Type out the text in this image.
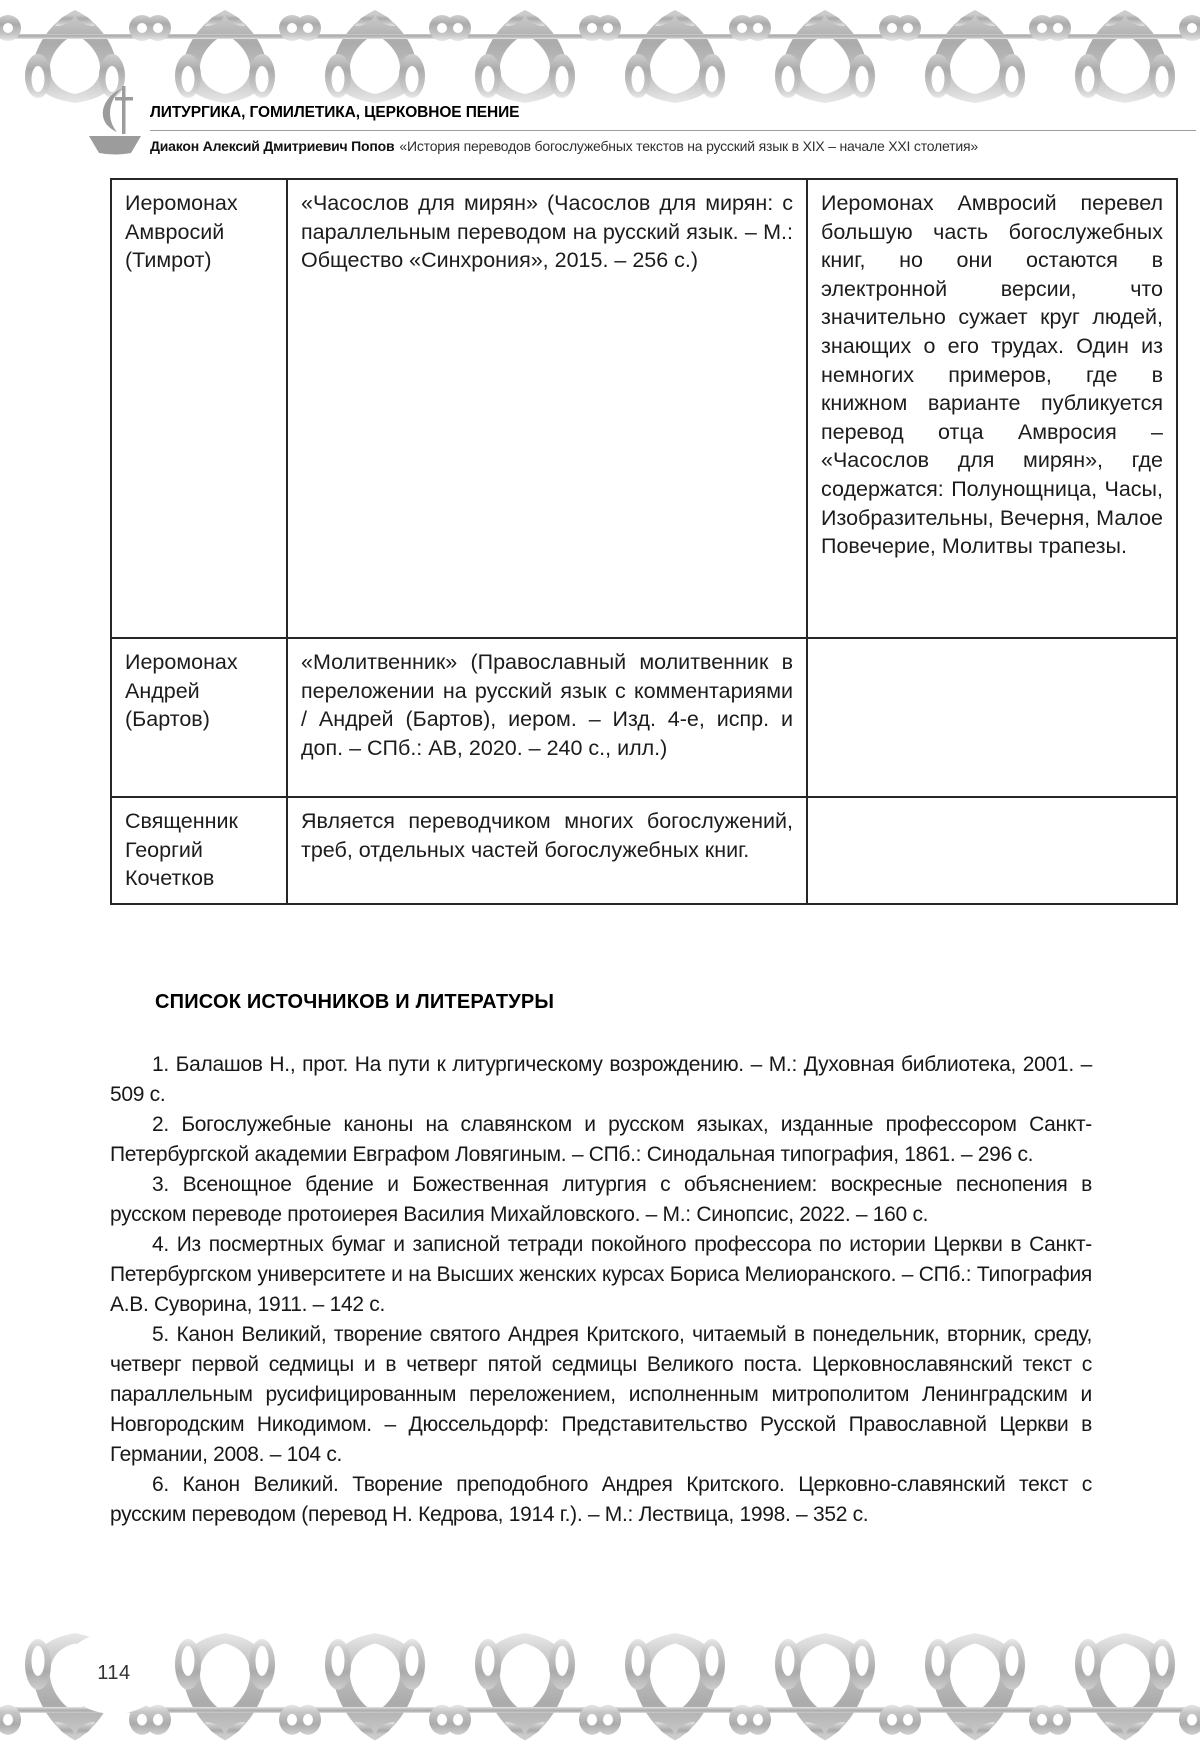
ЛИТУРГИКА, ГОМИЛЕТИКА, ЦЕРКОВНОЕ ПЕНИЕ
Диакон Алексий Дмитриевич Попов «История переводов богослужебных текстов на русский язык в XIX – начале XXI столетия»
Иеромонах Амвросий (Тимрот)	«Часослов для мирян» (Часослов для мирян: с параллельным переводом на русский язык. – М.: Общество «Синхрония», 2015. – 256 с.)	Иеромонах Амвросий перевел большую часть богослужебных книг, но они остаются в электронной версии, что значительно сужает круг людей, знающих о его трудах. Один из немногих примеров, где в книжном варианте публикуется перевод отца Амвросия – «Часослов для мирян», где содержатся: Полунощница, Часы, Изобразительны, Вечерня, Малое Повечерие, Молитвы трапезы.
Иеромонах Андрей (Бартов)	«Молитвенник» (Православный молитвенник в переложении на русский язык с комментариями / Андрей (Бартов), иером. – Изд. 4-е, испр. и доп. – СПб.: АВ, 2020. – 240 с., илл.)	
Священник Георгий Кочетков	Является переводчиком многих богослужений, треб, отдельных частей богослужебных книг.	
СПИСОК ИСТОЧНИКОВ И ЛИТЕРАТУРЫ

1. Балашов Н., прот. На пути к литургическому возрождению. – М.: Духовная библиотека, 2001. – 509 с.

2. Богослужебные каноны на славянском и русском языках, изданные профессором Санкт-Петербургской академии Евграфом Ловягиным. – СПб.: Синодальная типография, 1861. – 296 с.

3. Всенощное бдение и Божественная литургия с объяснением: воскресные песнопения в русском переводе протоиерея Василия Михайловского. – М.: Синопсис, 2022. – 160 с.

4. Из посмертных бумаг и записной тетради покойного профессора по истории Церкви в Санкт-Петербургском университете и на Высших женских курсах Бориса Мелиоранского. – СПб.: Типография А.В. Суворина, 1911. – 142 с.

5. Канон Великий, творение святого Андрея Критского, читаемый в понедельник, вторник, среду, четверг первой седмицы и в четверг пятой седмицы Великого поста. Церковнославянский текст с параллельным русифицированным переложением, исполненным митрополитом Ленинградским и Новгородским Никодимом. – Дюссельдорф: Представительство Русской Православной Церкви в Германии, 2008. – 104 с.

6. Канон Великий. Творение преподобного Андрея Критского. Церковно-славянский текст с русским переводом (перевод Н. Кедрова, 1914 г.). – М.: Лествица, 1998. – 352 с.

114
